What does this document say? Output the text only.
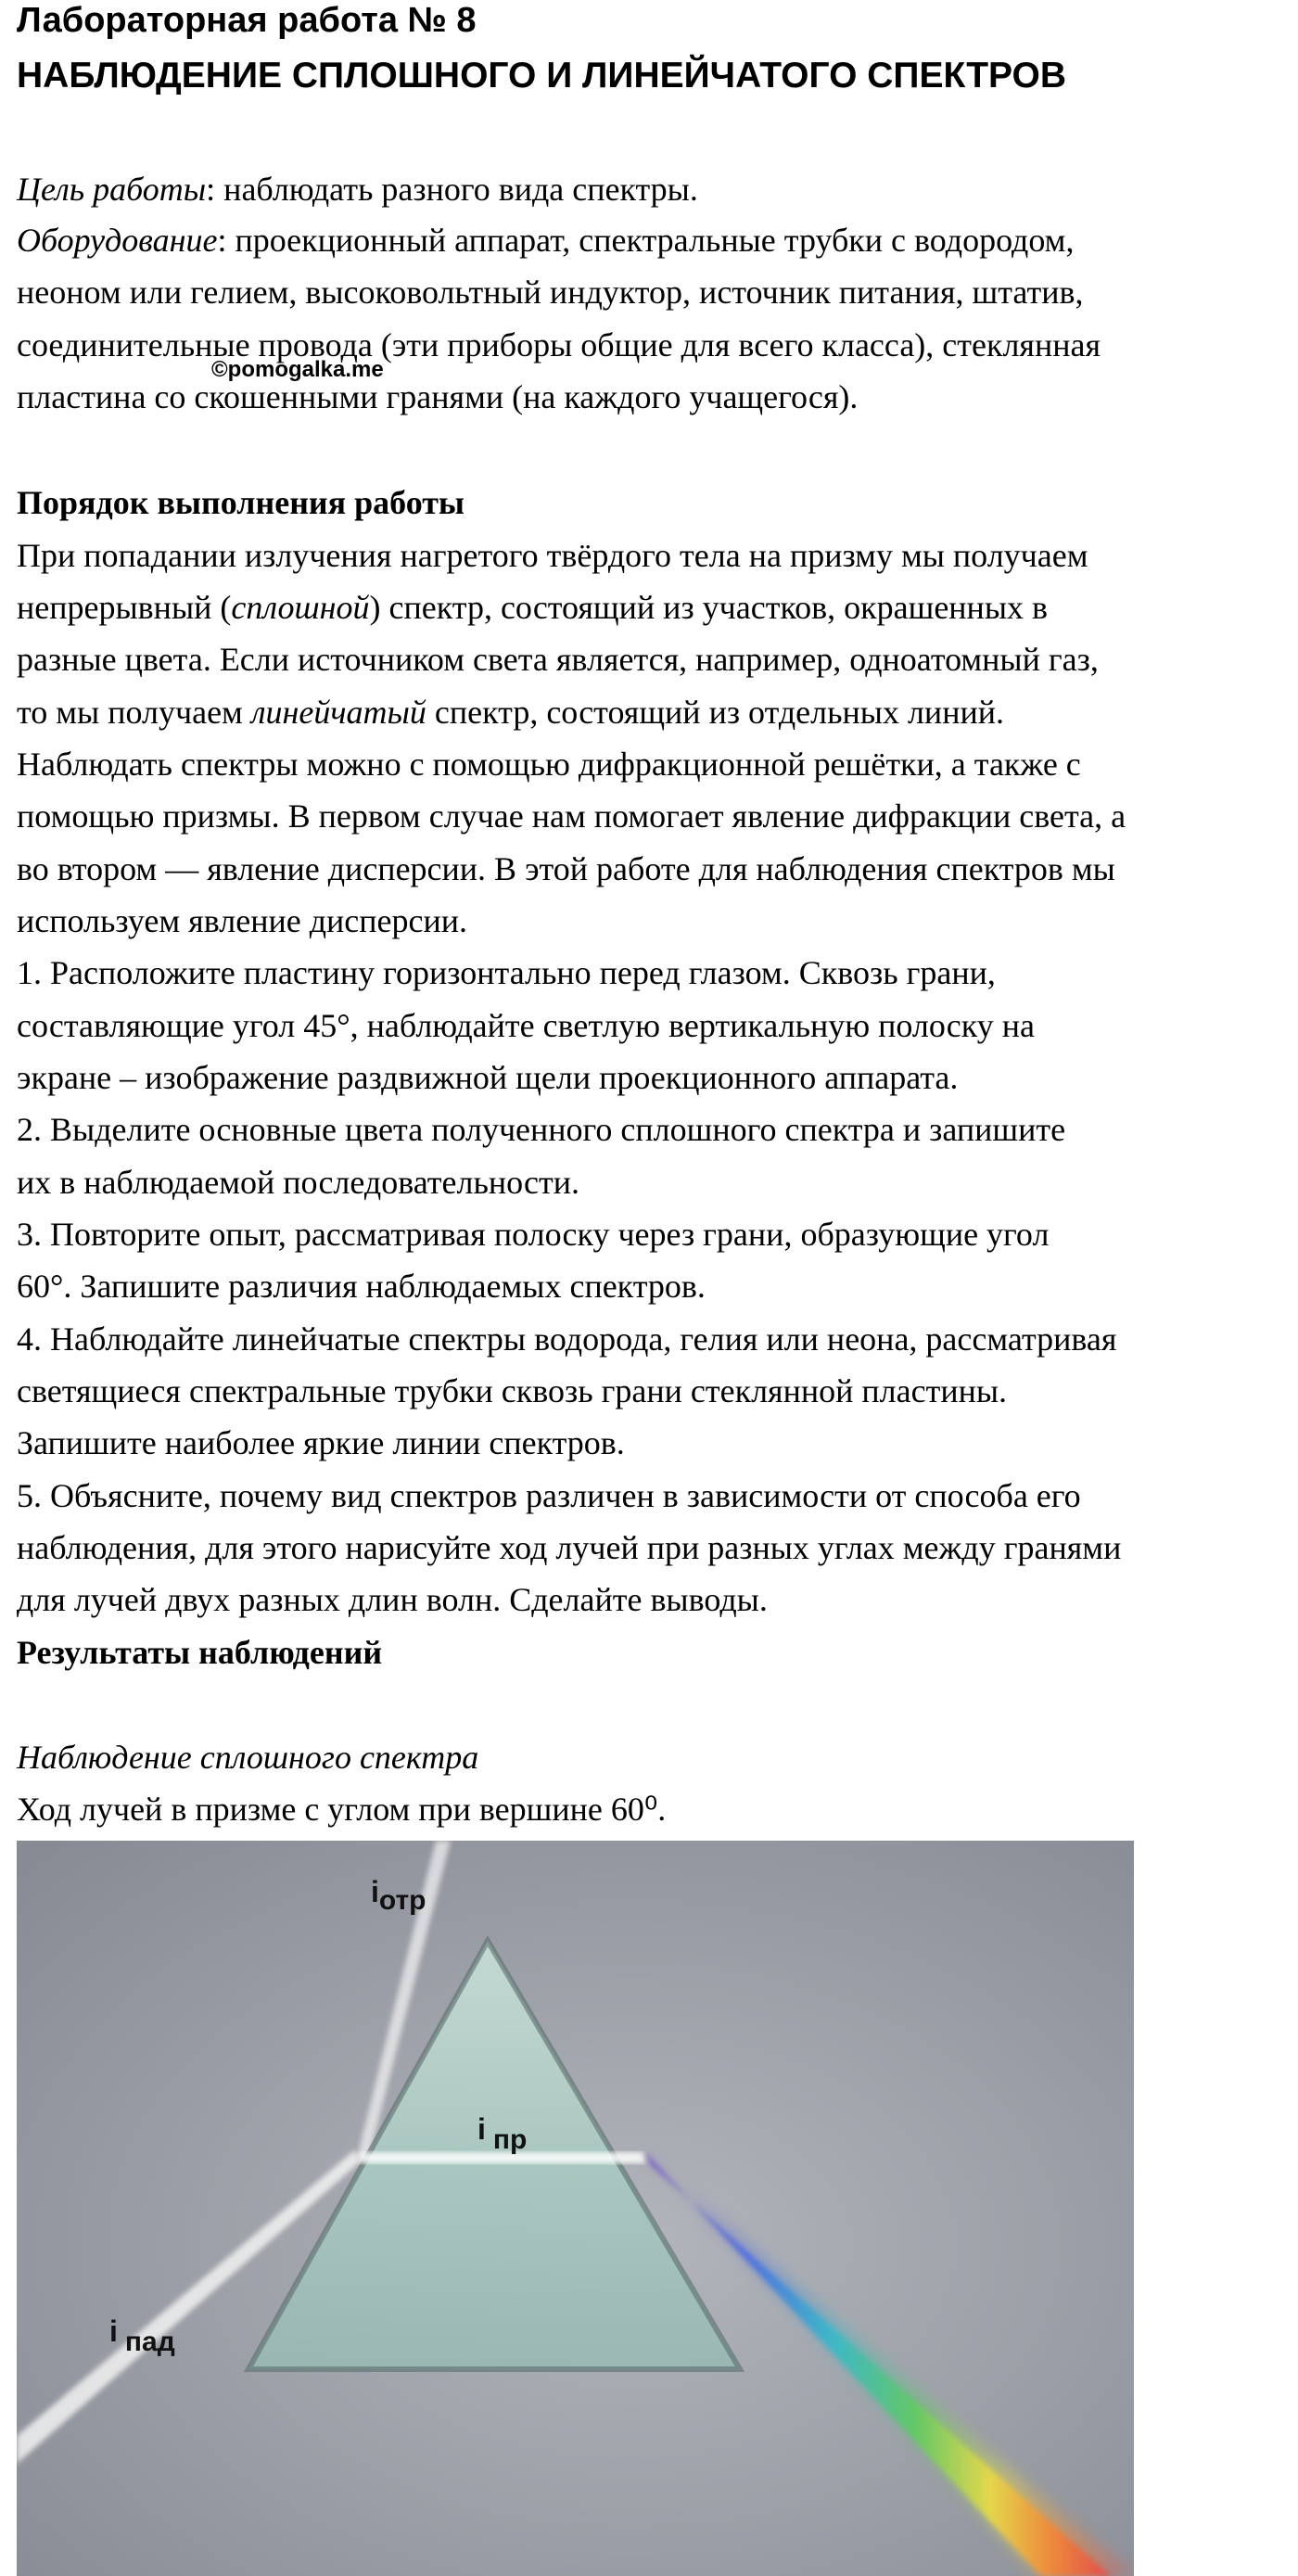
Лабораторная работа № 8
НАБЛЮДЕНИЕ СПЛОШНОГО И ЛИНЕЙЧАТОГО СПЕКТРОВ
Цель работы: наблюдать разного вида спектры.
Оборудование: проекционный аппарат, спектральные трубки с водородом,
неоном или гелием, высоковольтный индуктор, источник питания, штатив,
соединительные провода (эти приборы общие для всего класса), стеклянная
пластина со скошенными гранями (на каждого учащегося).
©pomogalka.me
Порядок выполнения работы
При попадании излучения нагретого твёрдого тела на призму мы получаем
непрерывный (сплошной) спектр, состоящий из участков, окрашенных в
разные цвета. Если источником света является, например, одноатомный газ,
то мы получаем линейчатый спектр, состоящий из отдельных линий.
Наблюдать спектры можно с помощью дифракционной решётки, а также с
помощью призмы. В первом случае нам помогает явление дифракции света, а
во втором — явление дисперсии. В этой работе для наблюдения спектров мы
используем явление дисперсии.
1. Расположите пластину горизонтально перед глазом. Сквозь грани,
составляющие угол 45°, наблюдайте светлую вертикальную полоску на
экране – изображение раздвижной щели проекционного аппарата.
2. Выделите основные цвета полученного сплошного спектра и запишите
их в наблюдаемой последовательности.
3. Повторите опыт, рассматривая полоску через грани, образующие угол
60°. Запишите различия наблюдаемых спектров.
4. Наблюдайте линейчатые спектры водорода, гелия или неона, рассматривая
светящиеся спектральные трубки сквозь грани стеклянной пластины.
Запишите наиболее яркие линии спектров.
5. Объясните, почему вид спектров различен в зависимости от способа его
наблюдения, для этого нарисуйте ход лучей при разных углах между гранями
для лучей двух разных длин волн. Сделайте выводы.
Результаты наблюдений
Наблюдение сплошного спектра
Ход лучей в призме с углом при вершине 60⁰.
iотр
i пр
i пад
